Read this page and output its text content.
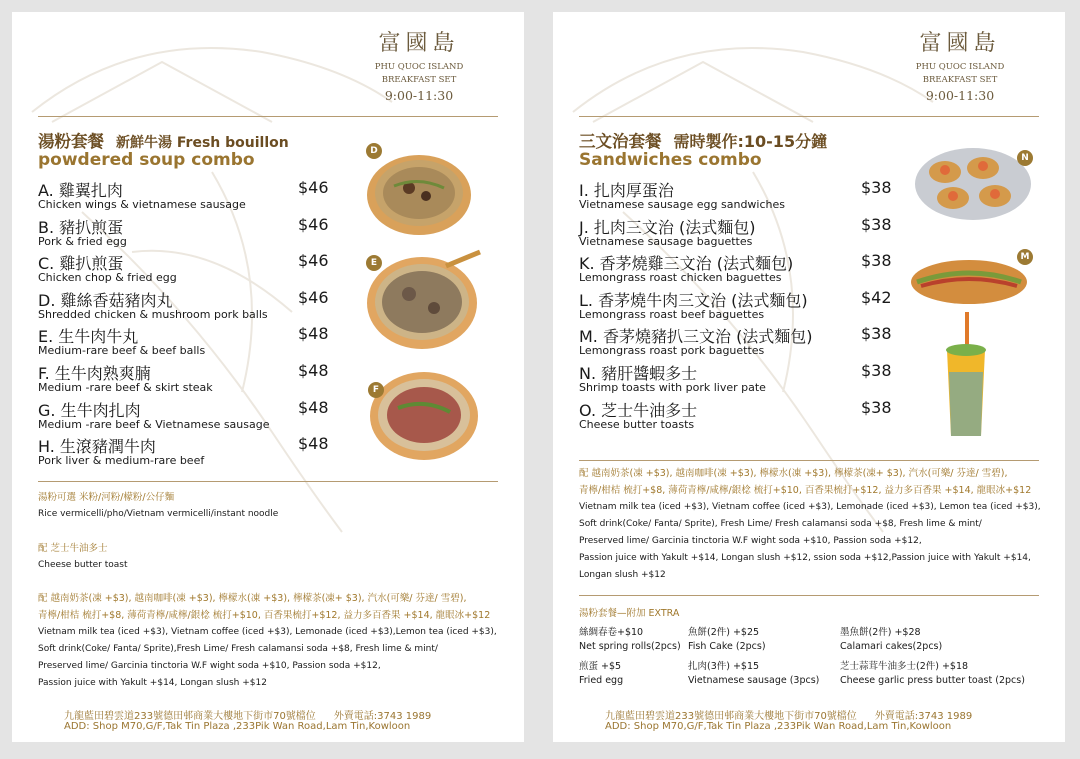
富國島
PHU QUOC ISLAND
BREAKFAST SET
9:00-11:30
湯粉套餐 新鮮牛湯 Fresh bouillon
powdered soup combo
A. 雞翼扎肉
Chicken wings & vietnamese sausage
$46
B. 豬扒煎蛋
Pork & fried egg
$46
C. 雞扒煎蛋
Chicken chop & fried egg
$46
D. 雞絲香菇豬肉丸
Shredded chicken & mushroom pork balls
$46
E. 生牛肉牛丸
Medium-rare beef & beef balls
$48
F. 生牛肉熟爽腩
Medium -rare beef & skirt steak
$48
G. 生牛肉扎肉
Medium -rare beef & Vietnamese sausage
$48
H. 生滾豬潤牛肉
Pork liver & medium-rare beef
$48
D
E
F
湯粉可選 米粉/河粉/檬粉/公仔麵
Rice vermicelli/pho/Vietnam vermicelli/instant noodle
配 芝士牛油多士
Cheese butter toast
配 越南奶茶(凍 +$3), 越南咖啡(凍 +$3), 檸檬水(凍 +$3), 檸檬茶(凍+ $3), 汽水(可樂/ 芬達/ 雪碧),
青檸/柑桔 梳打+$8, 薄荷青檸/咸檸/銀棯 梳打+$10, 百香果梳打+$12, 益力多百香果 +$14, 龍眼冰+$12
Vietnam milk tea (iced +$3), Vietnam coffee (iced +$3), Lemonade (iced +$3),Lemon tea (iced +$3),
Soft drink(Coke/ Fanta/ Sprite),Fresh Lime/ Fresh calamansi soda +$8, Fresh lime & mint/
Preserved lime/ Garcinia tinctoria W.F wight soda +$10, Passion soda +$12,
Passion juice with Yakult +$14, Longan slush +$12
九龍藍田碧雲道233號德田邨商業大樓地下街市70號檔位 外賣電話:3743 1989
ADD: Shop M70,G/F,Tak Tin Plaza ,233Pik Wan Road,Lam Tin,Kowloon
富國島
PHU QUOC ISLAND
BREAKFAST SET
9:00-11:30
三文治套餐 需時製作:10-15分鐘
Sandwiches combo
I. 扎肉厚蛋治
Vietnamese sausage egg sandwiches
$38
J. 扎肉三文治 (法式麵包)
Vietnamese sausage baguettes
$38
K. 香茅燒雞三文治 (法式麵包)
Lemongrass roast chicken baguettes
$38
L. 香茅燒牛肉三文治 (法式麵包)
Lemongrass roast beef baguettes
$42
M. 香茅燒豬扒三文治 (法式麵包)
Lemongrass roast pork baguettes
$38
N. 豬肝醬蝦多士
Shrimp toasts with pork liver pate
$38
O. 芝士牛油多士
Cheese butter toasts
$38
N
M
配 越南奶茶(凍 +$3), 越南咖啡(凍 +$3), 檸檬水(凍 +$3), 檸檬茶(凍+ $3), 汽水(可樂/ 芬達/ 雪碧),
青檸/柑桔 梳打+$8, 薄荷青檸/咸檸/銀棯 梳打+$10, 百香果梳打+$12, 益力多百香果 +$14, 龍眼冰+$12
Vietnam milk tea (iced +$3), Vietnam coffee (iced +$3), Lemonade (iced +$3), Lemon tea (iced +$3),
Soft drink(Coke/ Fanta/ Sprite), Fresh Lime/ Fresh calamansi soda +$8, Fresh lime & mint/
Preserved lime/ Garcinia tinctoria W.F wight soda +$10, Passion soda +$12,
Passion juice with Yakult +$14, Longan slush +$12, ssion soda +$12,Passion juice with Yakult +$14,
Longan slush +$12
湯粉套餐—附加 EXTRA
絲綢春卷+$10	魚餅(2件) +$25	墨魚餅(2件) +$28
Net spring rolls(2pcs) Fish Cake (2pcs)	Calamari cakes(2pcs)
煎蛋 +$5	扎肉(3件) +$15	芝士蒜茸牛油多士(2件) +$18
Fried egg	Vietnamese sausage (3pcs) Cheese garlic press butter toast (2pcs)
九龍藍田碧雲道233號德田邨商業大樓地下街市70號檔位 外賣電話:3743 1989
ADD: Shop M70,G/F,Tak Tin Plaza ,233Pik Wan Road,Lam Tin,Kowloon
